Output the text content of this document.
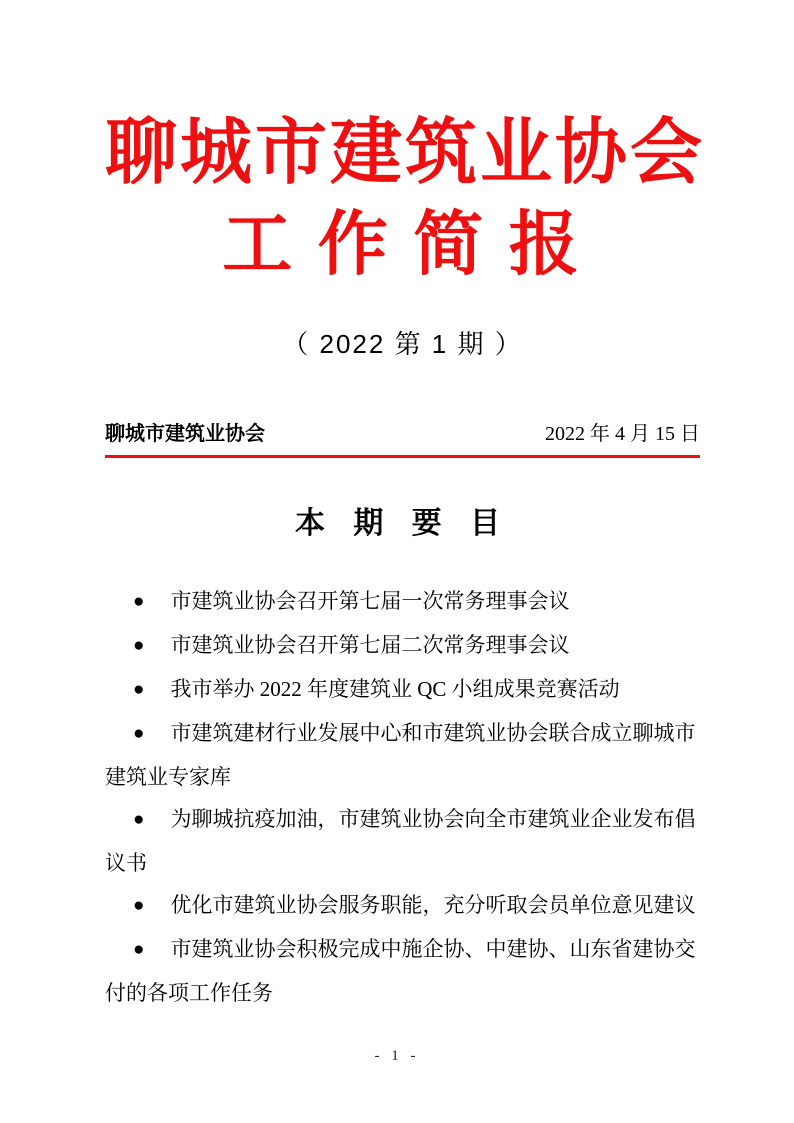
聊城市建筑业协会
工 作 简 报
（ 2022 第 1 期 ）
聊城市建筑业协会	2022 年 4 月 15 日
本 期 要 目

● 市建筑业协会召开第七届一次常务理事会议

● 市建筑业协会召开第七届二次常务理事会议

● 我市举办 2022 年度建筑业 QC 小组成果竞赛活动

● 市建筑建材行业发展中心和市建筑业协会联合成立聊城市建筑业专家库

● 为聊城抗疫加油，市建筑业协会向全市建筑业企业发布倡议书

● 优化市建筑业协会服务职能，充分听取会员单位意见建议

● 市建筑业协会积极完成中施企协、中建协、山东省建协交付的各项工作任务

- 1 -
